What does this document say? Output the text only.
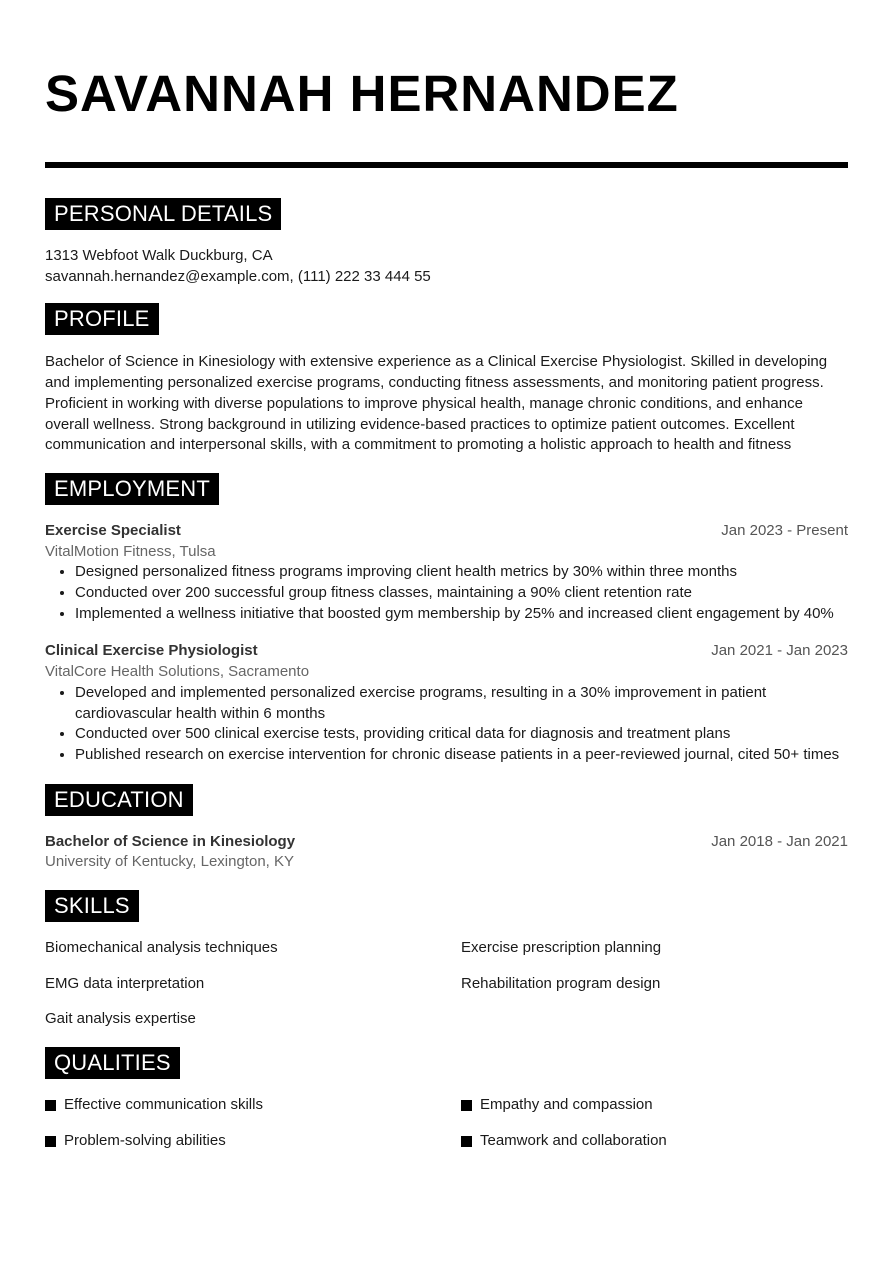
SAVANNAH HERNANDEZ
PERSONAL DETAILS
1313 Webfoot Walk Duckburg, CA
savannah.hernandez@example.com, (111) 222 33 444 55
PROFILE
Bachelor of Science in Kinesiology with extensive experience as a Clinical Exercise Physiologist. Skilled in developing and implementing personalized exercise programs, conducting fitness assessments, and monitoring patient progress. Proficient in working with diverse populations to improve physical health, manage chronic conditions, and enhance overall wellness. Strong background in utilizing evidence-based practices to optimize patient outcomes. Excellent communication and interpersonal skills, with a commitment to promoting a holistic approach to health and fitness
EMPLOYMENT
Exercise Specialist	Jan 2023 - Present
VitalMotion Fitness, Tulsa
• Designed personalized fitness programs improving client health metrics by 30% within three months
• Conducted over 200 successful group fitness classes, maintaining a 90% client retention rate
• Implemented a wellness initiative that boosted gym membership by 25% and increased client engagement by 40%
Clinical Exercise Physiologist	Jan 2021 - Jan 2023
VitalCore Health Solutions, Sacramento
• Developed and implemented personalized exercise programs, resulting in a 30% improvement in patient cardiovascular health within 6 months
• Conducted over 500 clinical exercise tests, providing critical data for diagnosis and treatment plans
• Published research on exercise intervention for chronic disease patients in a peer-reviewed journal, cited 50+ times
EDUCATION
Bachelor of Science in Kinesiology	Jan 2018 - Jan 2021
University of Kentucky, Lexington, KY
SKILLS
Biomechanical analysis techniques	Exercise prescription planning
EMG data interpretation	Rehabilitation program design
Gait analysis expertise
QUALITIES
Effective communication skills	Empathy and compassion
Problem-solving abilities	Teamwork and collaboration
